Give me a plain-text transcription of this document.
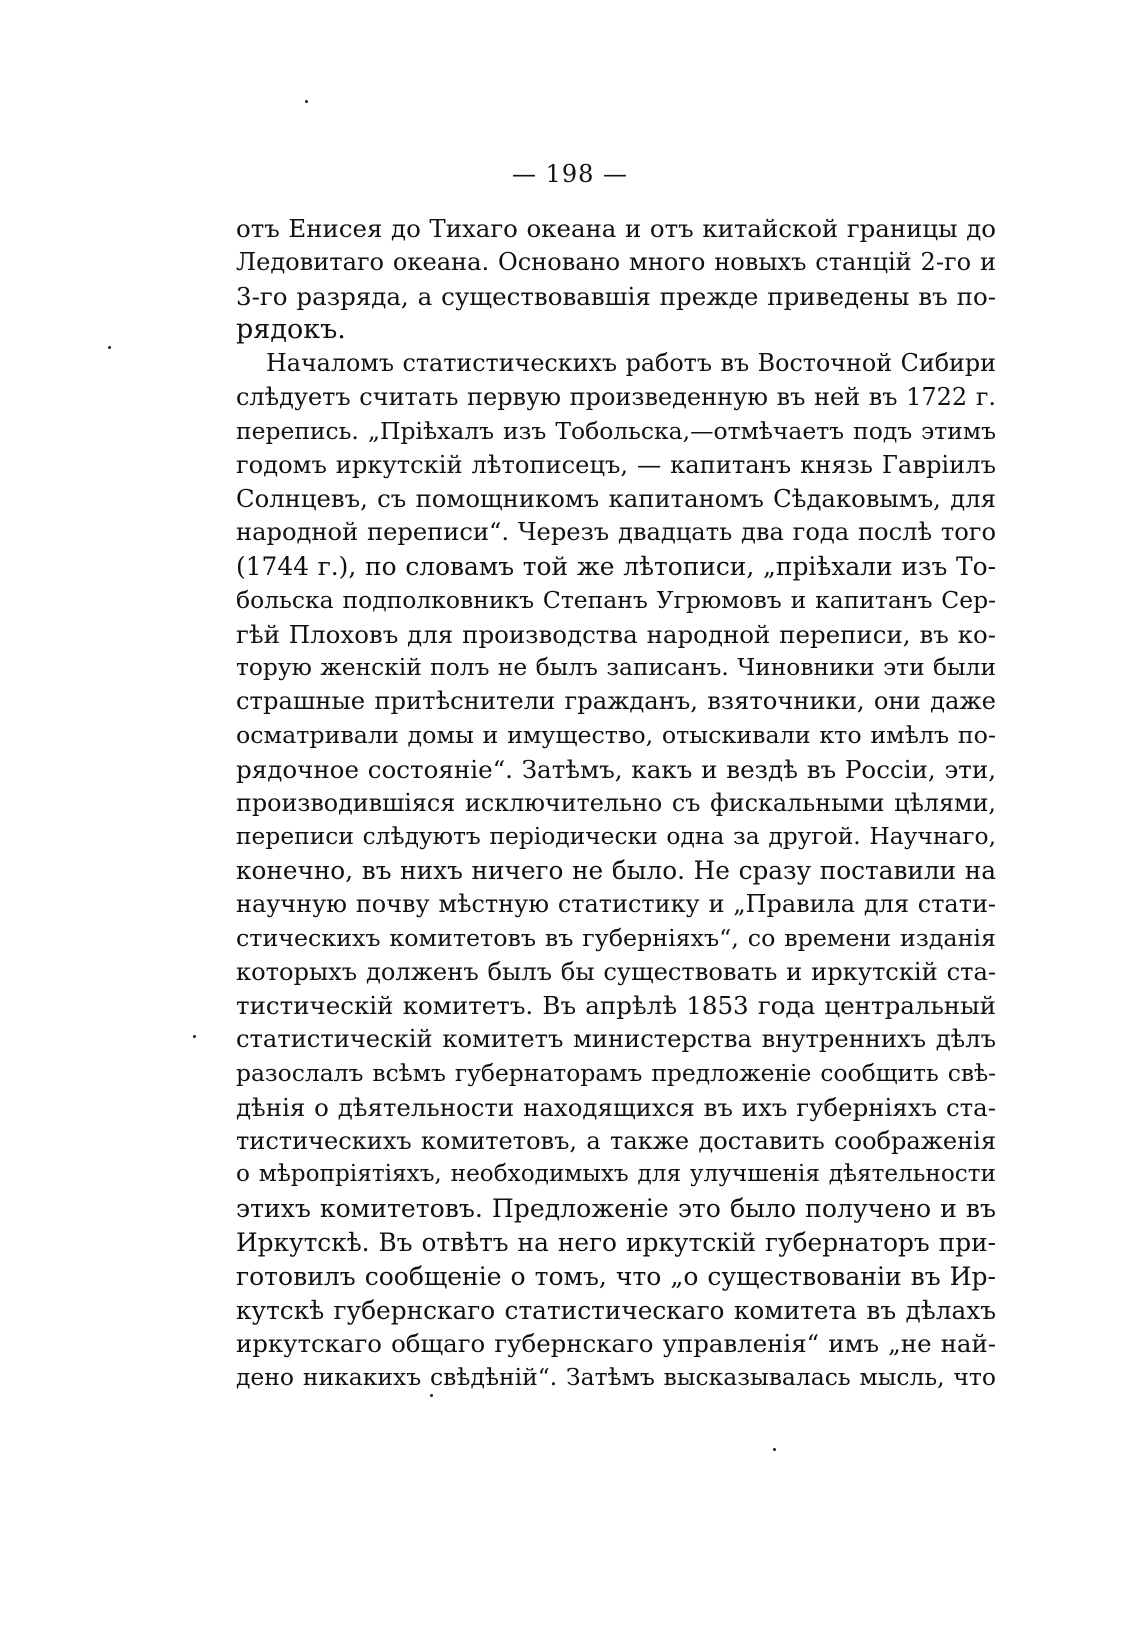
— 198 —
отъ Енисея до Тихаго океана и отъ китайской границы до
Ледовитаго океана. Основано много новыхъ станцій 2-го и
3-го разряда, а существовавшія прежде приведены въ по-
рядокъ.
Началомъ статистическихъ работъ въ Восточной Сибири
слѣдуетъ считать первую произведенную въ ней въ 1722 г.
перепись. „Пріѣхалъ изъ Тобольска,—отмѣчаетъ подъ этимъ
годомъ иркутскій лѣтописецъ, — капитанъ князь Гавріилъ
Солнцевъ, съ помощникомъ капитаномъ Сѣдаковымъ, для
народной переписи“. Черезъ двадцать два года послѣ того
(1744 г.), по словамъ той же лѣтописи, „пріѣхали изъ То-
больска подполковникъ Степанъ Угрюмовъ и капитанъ Сер-
гѣй Плоховъ для производства народной переписи, въ ко-
торую женскій полъ не былъ записанъ. Чиновники эти были
страшные притѣснители гражданъ, взяточники, они даже
осматривали домы и имущество, отыскивали кто имѣлъ по-
рядочное состояніе“. Затѣмъ, какъ и вездѣ въ Россіи, эти,
производившіяся исключительно съ фискальными цѣлями,
переписи слѣдуютъ періодически одна за другой. Научнаго,
конечно, въ нихъ ничего не было. Не сразу поставили на
научную почву мѣстную статистику и „Правила для стати-
стическихъ комитетовъ въ губерніяхъ“, со времени изданія
которыхъ долженъ былъ бы существовать и иркутскій ста-
тистическій комитетъ. Въ апрѣлѣ 1853 года центральный
статистическій комитетъ министерства внутреннихъ дѣлъ
разослалъ всѣмъ губернаторамъ предложеніе сообщить свѣ-
дѣнія о дѣятельности находящихся въ ихъ губерніяхъ ста-
тистическихъ комитетовъ, а также доставить соображенія
о мѣропріятіяхъ, необходимыхъ для улучшенія дѣятельности
этихъ комитетовъ. Предложеніе это было получено и въ
Иркутскѣ. Въ отвѣтъ на него иркутскій губернаторъ при-
готовилъ сообщеніе о томъ, что „о существованіи въ Ир-
кутскѣ губернскаго статистическаго комитета въ дѣлахъ
иркутскаго общаго губернскаго управленія“ имъ „не най-
дено никакихъ свѣдѣній“. Затѣмъ высказывалась мысль, что
